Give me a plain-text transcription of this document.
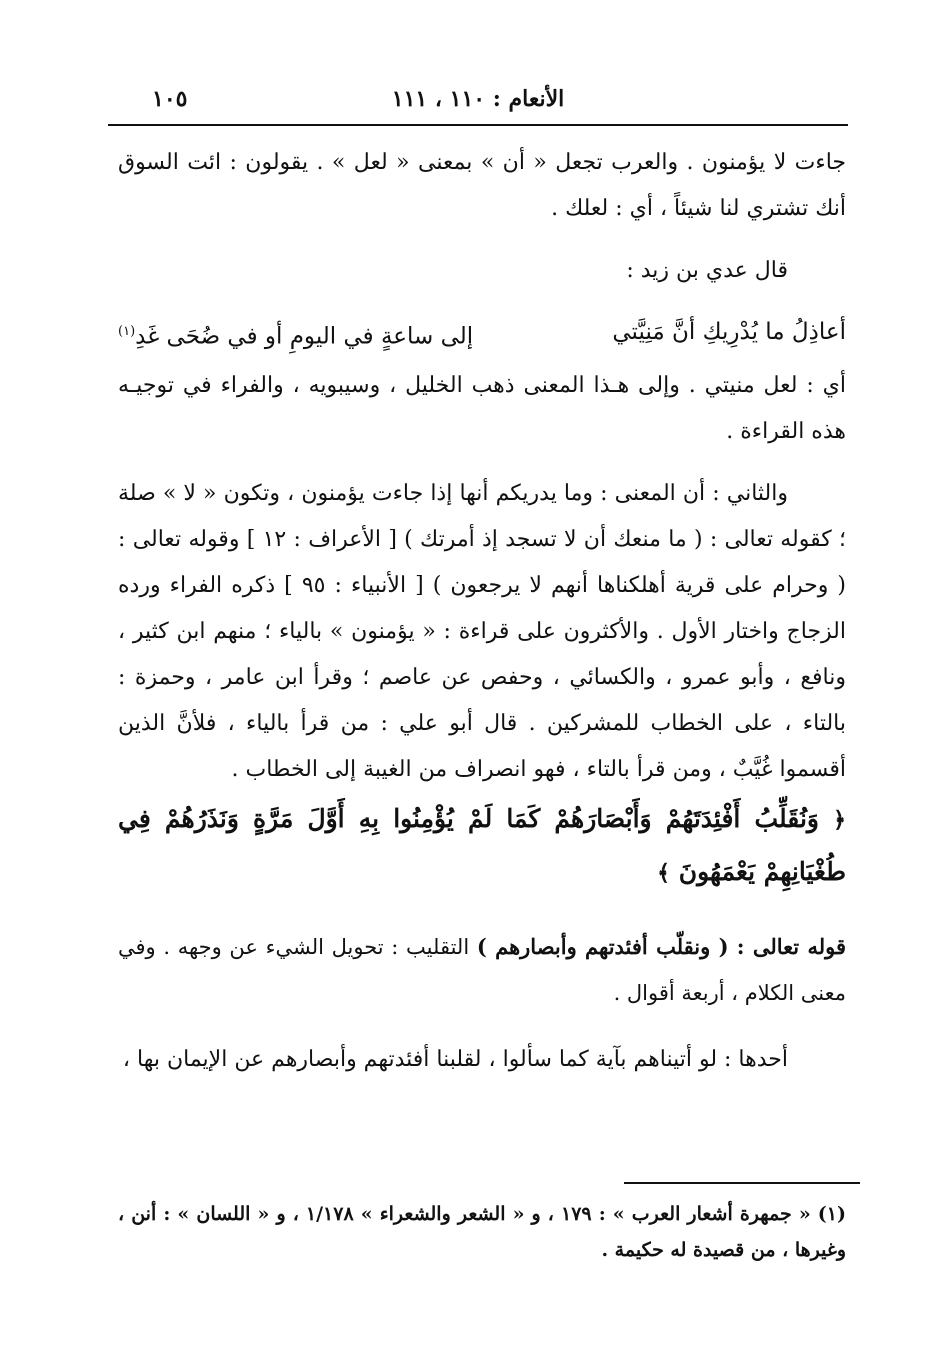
١٠٥	الأنعام : ١١٠ ، ١١١

جاءت لا يؤمنون . والعرب تجعل « أن » بمعنى « لعل » . يقولون : ائت السوق أنك تشتري لنا شيئاً ، أي : لعلك .

قال عدي بن زيد :

أعاذِلُ ما يُدْرِيكِ أنَّ مَنِيَّتي
إلى ساعةٍ في اليومِ أو في ضُحَى غَدِ$^{(١)}$

أي : لعل منيتي . وإلى هـذا المعنى ذهب الخليل ، وسيبويه ، والفراء في توجيـه هذه القراءة .

والثاني : أن المعنى : وما يدريكم أنها إذا جاءت يؤمنون ، وتكون « لا » صلة ؛ كقوله تعالى : ( ما منعك أن لا تسجد إذ أمرتك ) [ الأعراف : ١٢ ] وقوله تعالى : ( وحرام على قرية أهلكناها أنهم لا يرجعون ) [ الأنبياء : ٩٥ ] ذكره الفراء ورده الزجاج واختار الأول . والأكثرون على قراءة : « يؤمنون » بالياء ؛ منهم ابن كثير ، ونافع ، وأبو عمرو ، والكسائي ، وحفص عن عاصم ؛ وقرأ ابن عامر ، وحمزة : بالتاء ، على الخطاب للمشركين . قال أبو علي : من قرأ بالياء ، فلأنَّ الذين أقسموا غُيَّبٌ ، ومن قرأ بالتاء ، فهو انصراف من الغيبة إلى الخطاب .

﴿ وَنُقَلِّبُ أَفْئِدَتَهُمْ وَأَبْصَارَهُمْ كَمَا لَمْ يُؤْمِنُوا بِهِ أَوَّلَ مَرَّةٍ وَنَذَرُهُمْ فِي طُغْيَانِهِمْ يَعْمَهُونَ ﴾

قوله تعالى : ( ونقلّب أفئدتهم وأبصارهم ) التقليب : تحويل الشيء عن وجهه . وفي معنى الكلام ، أربعة أقوال .

أحدها : لو أتيناهم بآية كما سألوا ، لقلبنا أفئدتهم وأبصارهم عن الإيمان بها ،

(١) « جمهرة أشعار العرب » : ١٧٩ ، و « الشعر والشعراء » ١/١٧٨ ، و « اللسان » : أنن ، وغيرها ، من قصيدة له حكيمة .
